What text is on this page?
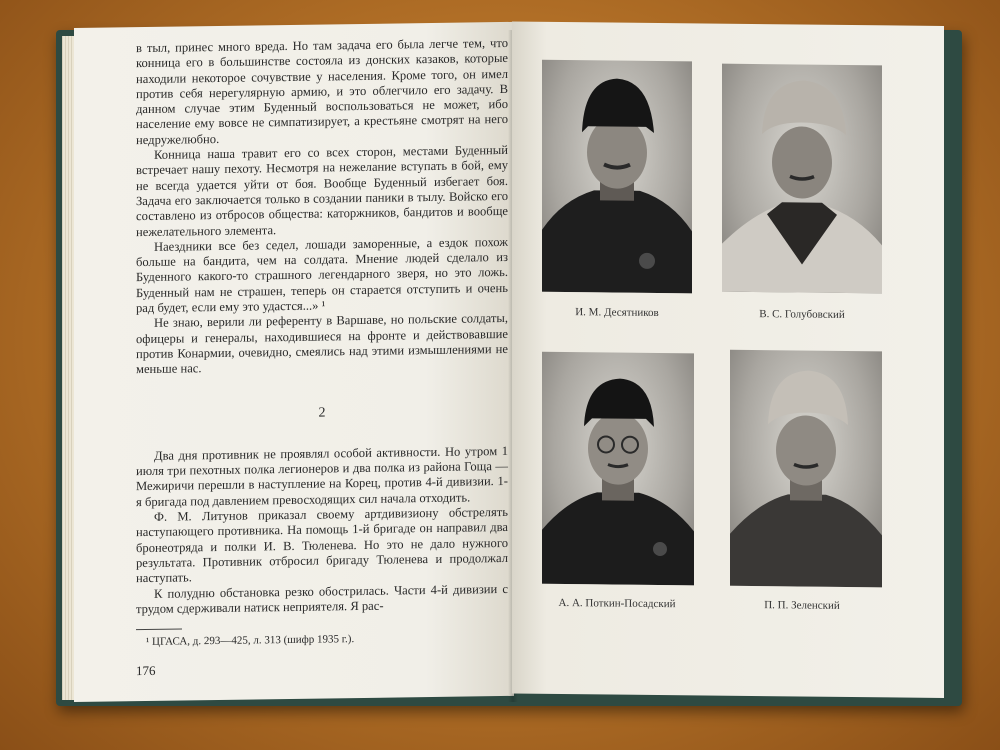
в тыл, принес много вреда. Но там задача его была легче тем, что конница его в большинстве состояла из донских казаков, которые находили некоторое сочувствие у населения. Кроме того, он имел против себя нерегулярную армию, и это облегчило его задачу. В данном случае этим Буденный воспользоваться не может, ибо население ему вовсе не симпатизирует, а крестьяне смотрят на него недружелюбно.

Конница наша травит его со всех сторон, местами Буденный встречает нашу пехоту. Несмотря на нежелание вступать в бой, ему не всегда удается уйти от боя. Вообще Буденный избегает боя. Задача его заключается только в создании паники в тылу. Войско его составлено из отбросов общества: каторжников, бандитов и вообще нежелательного элемента.

Наездники все без седел, лошади заморенные, а ездок похож больше на бандита, чем на солдата. Мнение людей сделало из Буденного какого-то страшного легендарного зверя, но это ложь. Буденный нам не страшен, теперь он старается отступить и очень рад будет, если ему это удастся...» ¹

Не знаю, верили ли референту в Варшаве, но польские солдаты, офицеры и генералы, находившиеся на фронте и действовавшие против Конармии, очевидно, смеялись над этими измышлениями не меньше нас.

2

Два дня противник не проявлял особой активности. Но утром 1 июля три пехотных полка легионеров и два полка из района Гоща — Межиричи перешли в наступление на Корец, против 4-й дивизии. 1-я бригада под давлением превосходящих сил начала отходить.

Ф. М. Литунов приказал своему артдивизиону обстрелять наступающего противника. На помощь 1-й бригаде он направил два бронеотряда и полки И. В. Тюленева. Но это не дало нужного результата. Противник отбросил бригаду Тюленева и продолжал наступать.

К полудню обстановка резко обострилась. Части 4-й дивизии с трудом сдерживали натиск неприятеля. Я рас-

¹ ЦГАСА, д. 293—425, л. 313 (шифр 1935 г.).
176
И. М. Десятников	В. С. Голубовский
А. А. Поткин-Посадский	П. П. Зеленский
